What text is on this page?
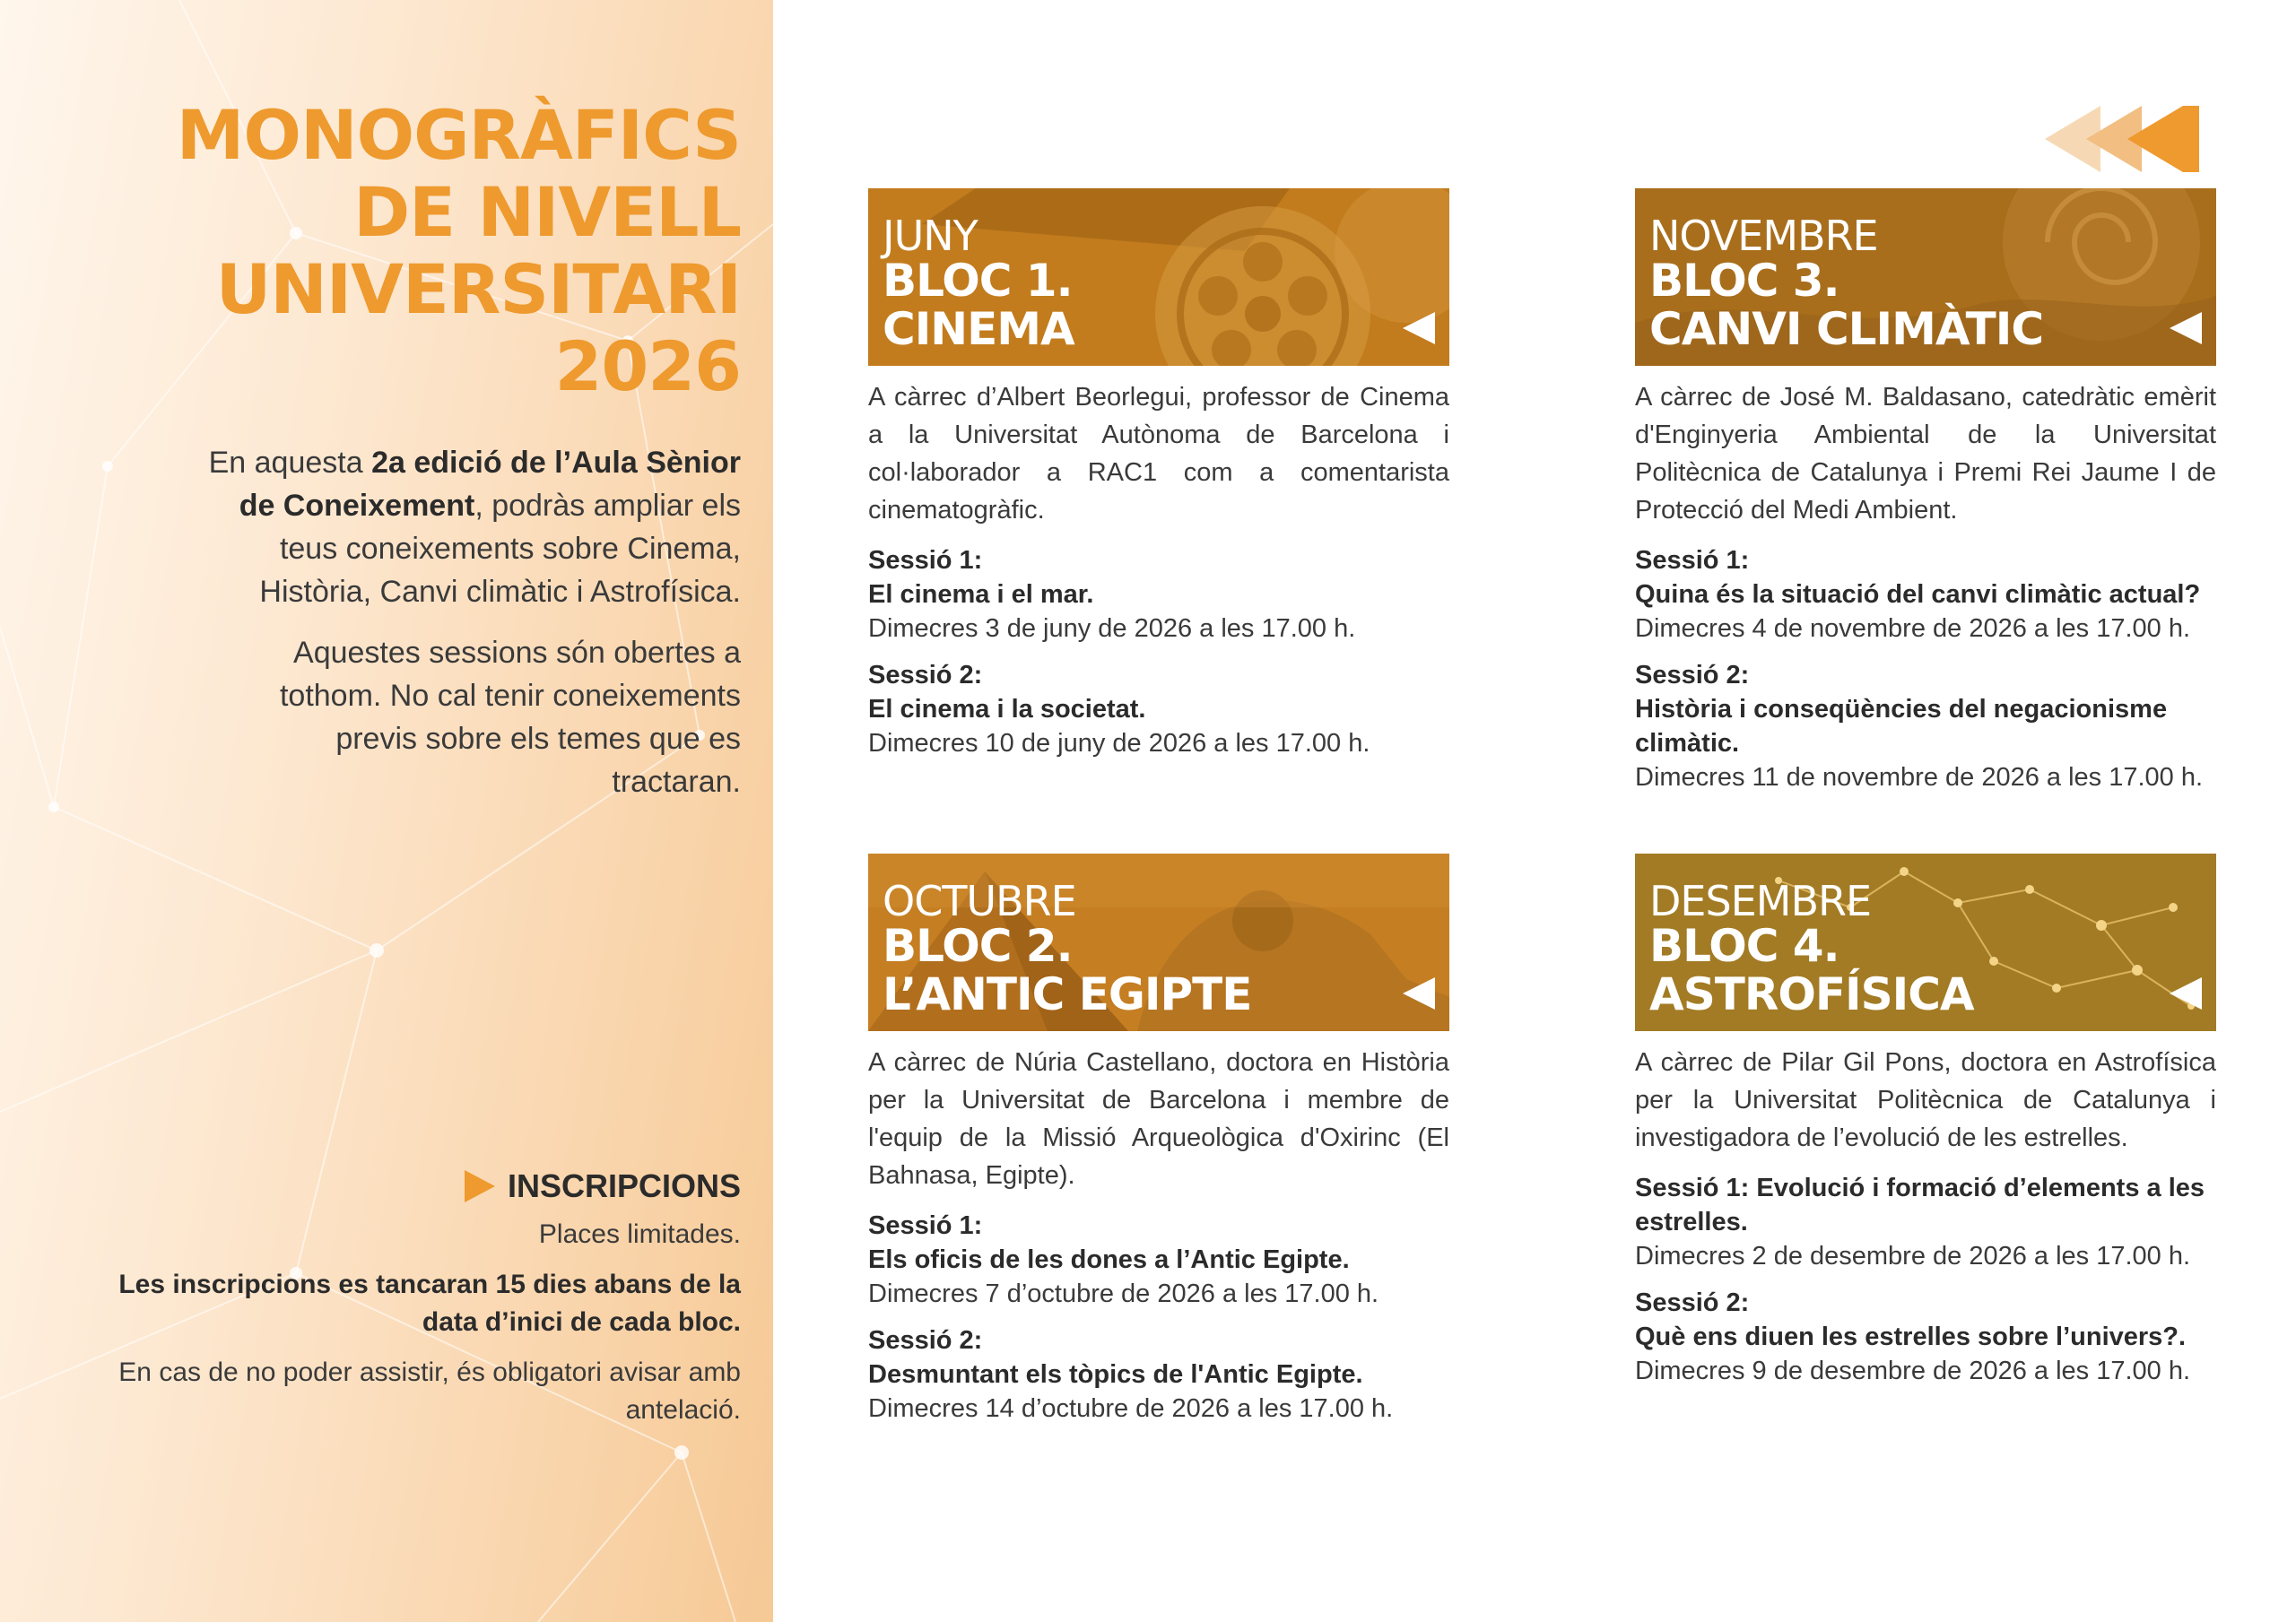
MONOGRÀFICS
DE NIVELL
UNIVERSITARI
2026

En aquesta 2a edició de l’Aula Sènior de Coneixement, podràs ampliar els teus coneixements sobre Cinema, Història, Canvi climàtic i Astrofísica.

Aquestes sessions són obertes a tothom. No cal tenir coneixements previs sobre els temes que es tractaran.

INSCRIPCIONS

Places limitades.

Les inscripcions es tancaran 15 dies abans de la data d’inici de cada bloc.

En cas de no poder assistir, és obligatori avisar amb antelació.

JUNY
BLOC 1.
CINEMA

A càrrec d’Albert Beorlegui, professor de Cinema a la Universitat Autònoma de Barcelona i col·laborador a RAC1 com a comentarista cinematogràfic.

Sessió 1:
El cinema i el mar.
Dimecres 3 de juny de 2026 a les 17.00 h.
Sessió 2:
El cinema i la societat.
Dimecres 10 de juny de 2026 a les 17.00 h.
OCTUBRE
BLOC 2.
L’ANTIC EGIPTE

A càrrec de Núria Castellano, doctora en Història per la Universitat de Barcelona i membre de l'equip de la Missió Arqueològica d'Oxirinc (El Bahnasa, Egipte).

Sessió 1:
Els oficis de les dones a l’Antic Egipte.
Dimecres 7 d’octubre de 2026 a les 17.00 h.
Sessió 2:
Desmuntant els tòpics de l'Antic Egipte.
Dimecres 14 d’octubre de 2026 a les 17.00 h.
NOVEMBRE
BLOC 3.
CANVI CLIMÀTIC

A càrrec de José M. Baldasano, catedràtic emèrit d'Enginyeria Ambiental de la Universitat Politècnica de Catalunya i Premi Rei Jaume I de Protecció del Medi Ambient.

Sessió 1:
Quina és la situació del canvi climàtic actual?
Dimecres 4 de novembre de 2026 a les 17.00 h.
Sessió 2:
Història i conseqüències del negacionisme climàtic.
Dimecres 11 de novembre de 2026 a les 17.00 h.
DESEMBRE
BLOC 4.
ASTROFÍSICA

A càrrec de Pilar Gil Pons, doctora en Astrofísica per la Universitat Politècnica de Catalunya i investigadora de l’evolució de les estrelles.

Sessió 1: Evolució i formació d’elements a les estrelles.
Dimecres 2 de desembre de 2026 a les 17.00 h.
Sessió 2:
Què ens diuen les estrelles sobre l’univers?.
Dimecres 9 de desembre de 2026 a les 17.00 h.
